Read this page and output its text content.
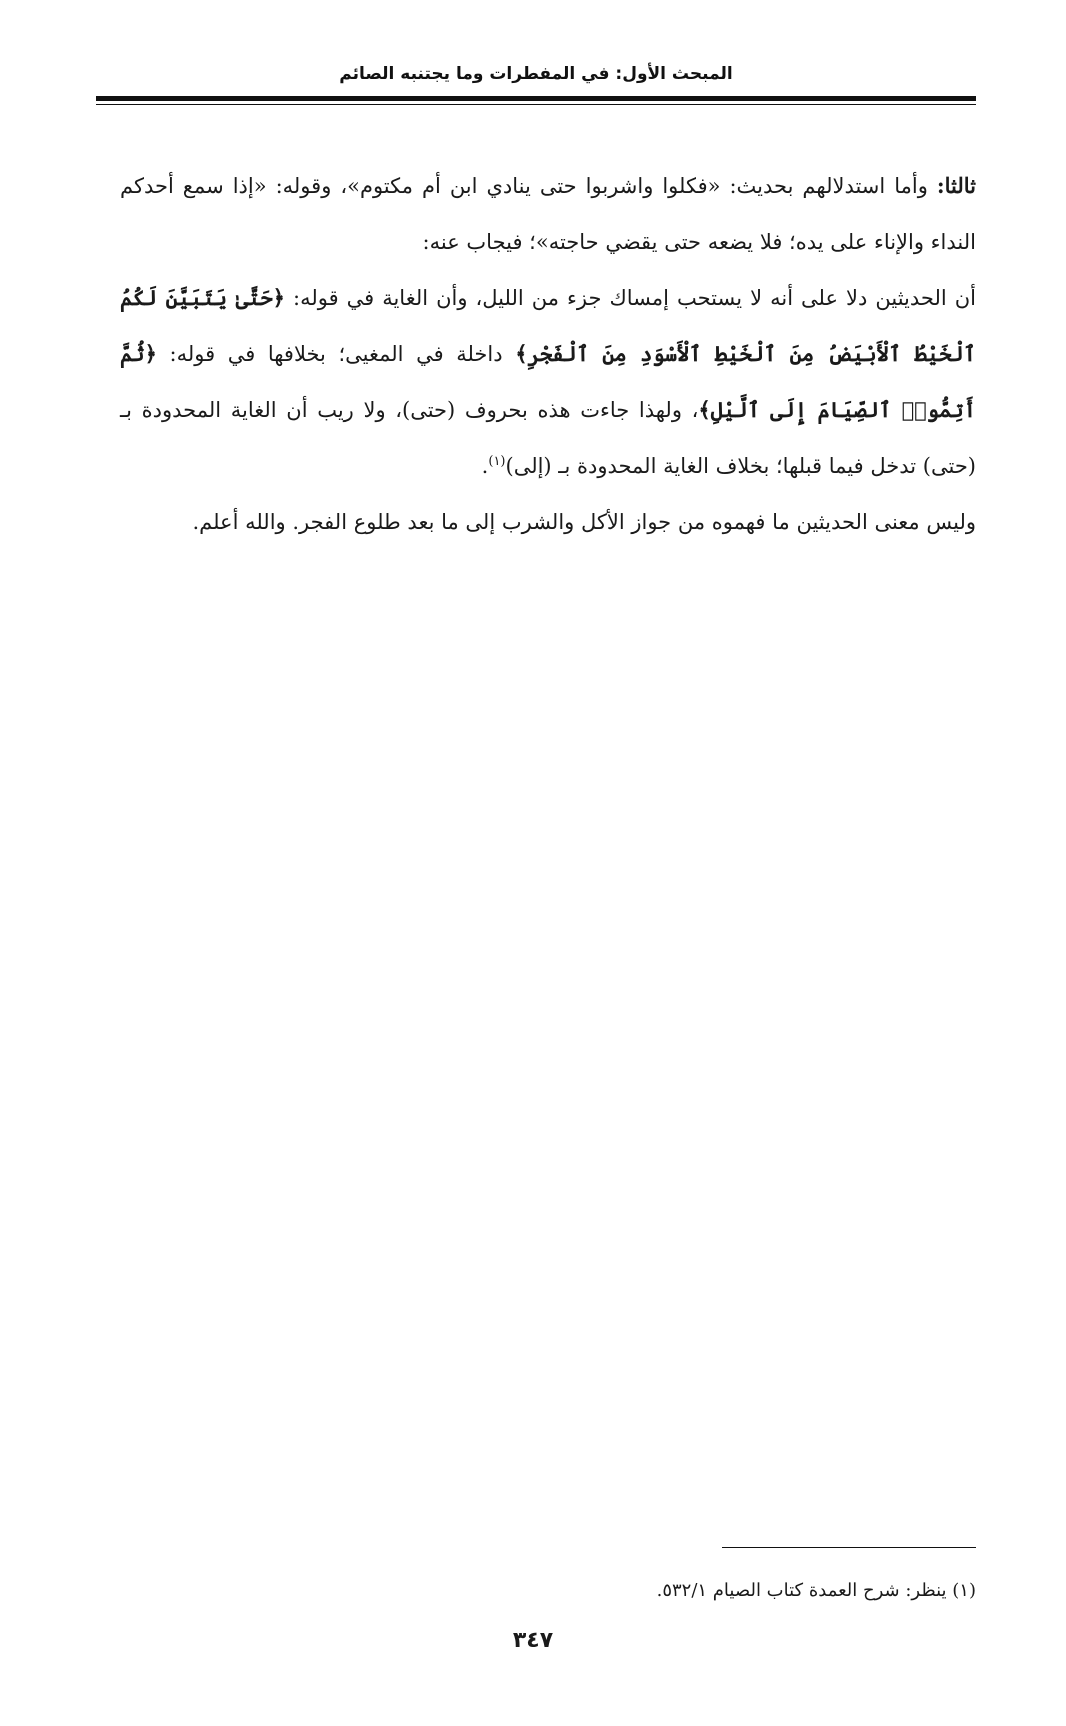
المبحث الأول: في المفطرات وما يجتنبه الصائم

ثالثا: وأما استدلالهم بحديث: «فكلوا واشربوا حتى ينادي ابن أم مكتوم»، وقوله: «إذا سمع أحدكم النداء والإناء على يده؛ فلا يضعه حتى يقضي حاجته»؛ فيجاب عنه:

أن الحديثين دلا على أنه لا يستحب إمساك جزء من الليل، وأن الغاية في قوله: ﴿حَتَّىٰ يَتَبَيَّنَ لَكُمُ ٱلْخَيْطُ ٱلْأَبْيَضُ مِنَ ٱلْخَيْطِ ٱلْأَسْوَدِ مِنَ ٱلْفَجْرِ﴾ داخلة في المغيى؛ بخلافها في قوله: ﴿ثُمَّ أَتِمُّوا۟ ٱلصِّيَامَ إِلَى ٱلَّيْلِ﴾، ولهذا جاءت هذه بحروف (حتى)، ولا ريب أن الغاية المحدودة بـ (حتى) تدخل فيما قبلها؛ بخلاف الغاية المحدودة بـ (إلى)$^{(١)}$.

وليس معنى الحديثين ما فهموه من جواز الأكل والشرب إلى ما بعد طلوع الفجر. والله أعلم.

(١) ينظر: شرح العمدة كتاب الصيام ٥٣٢/١.
٣٤٧
